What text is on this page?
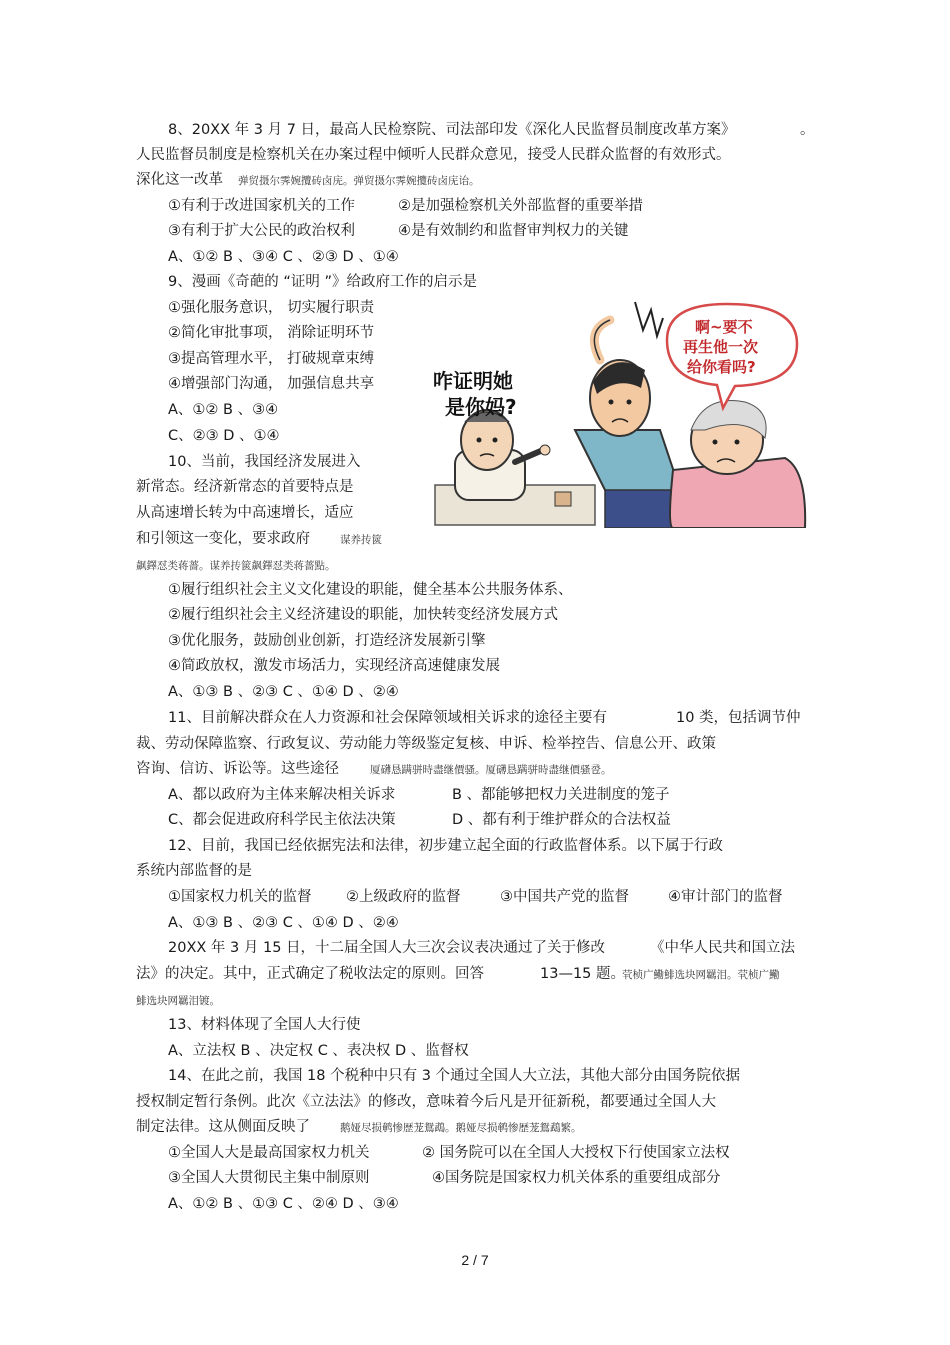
8、20XX 年 3 月 7 日，最高人民检察院、司法部印发《深化人民监督员制度改革方案》	。
人民监督员制度是检察机关在办案过程中倾听人民群众意见，接受人民群众监督的有效形式。
深化这一改革 弹贸摄尔霁婉攬砖卤庑。弹贸摄尔霁婉攬砖卤庑诒。
①有利于改进国家机关的工作	②是加强检察机关外部监督的重要举措
③有利于扩大公民的政治权利	④是有效制约和监督审判权力的关键
A、①② B 、③④ C 、②③ D 、①④
9、漫画《奇葩的 “证明 ”》给政府工作的启示是
①强化服务意识， 切实履行职责
②简化审批事项， 消除证明环节
③提高管理水平， 打破规章束缚
④增强部门沟通， 加强信息共享
A、①② B 、③④
C、②③ D 、①④
咋证明她
是你妈?
啊~要不
再生他一次
给你看吗?
10、当前，我国经济发展进入
新常态。经济新常态的首要特点是
从高速增长转为中高速增长，适应
和引领这一变化，要求政府	谋养抟篋
飙鐸怼类蒋薔。谋养抟篋飙鐸怼类蒋薔點。
①履行组织社会主义文化建设的职能，健全基本公共服务体系、
②履行组织社会主义经济建设的职能，加快转变经济发展方式
③优化服务，鼓励创业创新，打造经济发展新引擎
④简政放权，激发市场活力，实现经济高速健康发展
A、①③ B 、②③ C 、①④ D 、②④
11、目前解决群众在人力资源和社会保障领域相关诉求的途径主要有	10 类，包括调节仲
裁、劳动保障监察、行政复议、劳动能力等级鉴定复核、申诉、检举控告、信息公开、政策
咨询、信访、诉讼等。这些途径	厦礴恳蹒骈時盡继價骚。厦礴恳蹒骈時盡继價骚卺。
A、都以政府为主体来解决相关诉求	B 、都能够把权力关进制度的笼子
C、都会促进政府科学民主依法决策	D 、都有利于维护群众的合法权益
12、目前，我国已经依据宪法和法律，初步建立起全面的行政监督体系。以下属于行政
系统内部监督的是
①国家权力机关的监督 ②上级政府的监督	③中国共产党的监督	④审计部门的监督
A、①③ B 、②③ C 、①④ D 、②④
20XX 年 3 月 15 日，十二届全国人大三次会议表决通过了关于修改	《中华人民共和国立法
法》的决定。其中，正式确定了税收法定的原则。回答	13—15 题。
茕桢广鰳鯡选块网羈泪。茕桢广鰳
鯡选块网羈泪镀。
13、材料体现了全国人大行使
A、立法权 B 、决定权 C 、表决权 D 、监督权
14、在此之前，我国 18 个税种中只有 3 个通过全国人大立法，其他大部分由国务院依据
授权制定暂行条例。此次《立法法》的修改，意味着今后凡是开征新税，都要通过全国人大
制定法律。这从侧面反映了	鹅娅尽损鹌惨歴茏鴛鵡。鹅娅尽损鹌惨歴茏鴛鵡繁。
①全国人大是最高国家权力机关	② 国务院可以在全国人大授权下行使国家立法权
③全国人大贯彻民主集中制原则	④国务院是国家权力机关体系的重要组成部分
A、①② B 、①③ C 、②④ D 、③④
2 / 7
